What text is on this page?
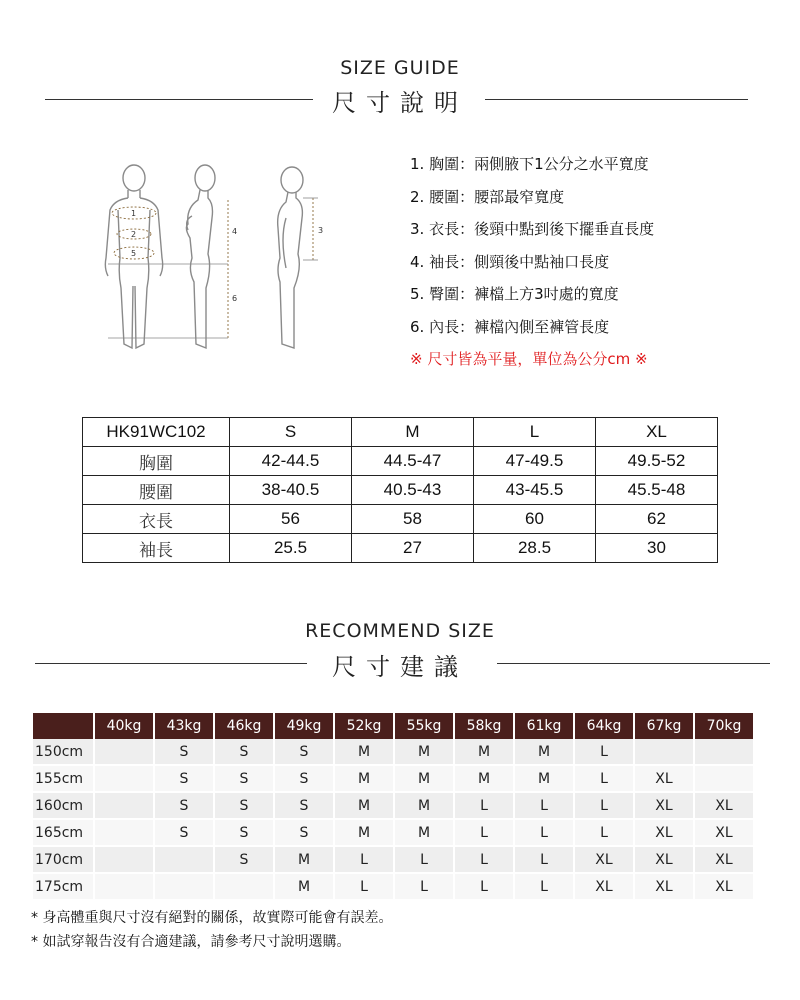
SIZE GUIDE
尺寸說明
1
2
5
4
6
3
1. 胸圍：兩側腋下1公分之水平寬度
2. 腰圍：腰部最窄寬度
3. 衣長：後頸中點到後下擺垂直長度
4. 袖長：側頸後中點袖口長度
5. 臀圍：褲檔上方3吋處的寬度
6. 內長：褲檔內側至褲管長度
※ 尺寸皆為平量，單位為公分cm ※
HK91WC102	S	M	L	XL
胸圍	42-44.5	44.5-47	47-49.5	49.5-52
腰圍	38-40.5	40.5-43	43-45.5	45.5-48
衣長	56	58	60	62
袖長	25.5	27	28.5	30
RECOMMEND SIZE
尺寸建議
	40kg	43kg	46kg	49kg	52kg	55kg	58kg	61kg	64kg	67kg	70kg
150cm		S	S	S	M	M	M	M	L		
155cm		S	S	S	M	M	M	M	L	XL	
160cm		S	S	S	M	M	L	L	L	XL	XL
165cm		S	S	S	M	M	L	L	L	XL	XL
170cm			S	M	L	L	L	L	XL	XL	XL
175cm				M	L	L	L	L	XL	XL	XL
* 身高體重與尺寸沒有絕對的關係，故實際可能會有誤差。
* 如試穿報告沒有合適建議，請參考尺寸說明選購。
